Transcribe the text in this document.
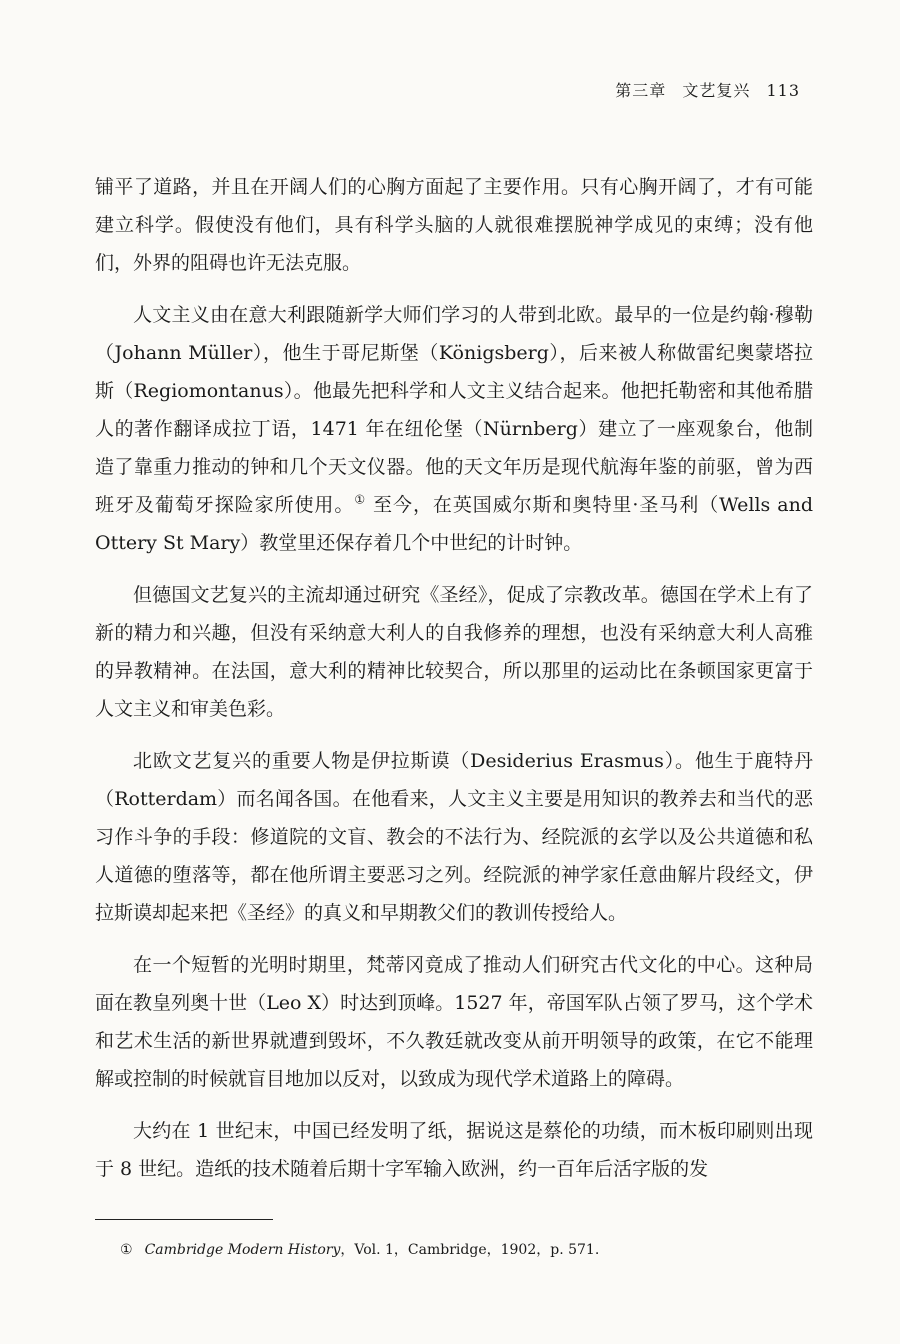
第三章 文艺复兴 113

铺平了道路，并且在开阔人们的心胸方面起了主要作用。只有心胸开阔了，才有可能建立科学。假使没有他们，具有科学头脑的人就很难摆脱神学成见的束缚；没有他们，外界的阻碍也许无法克服。

人文主义由在意大利跟随新学大师们学习的人带到北欧。最早的一位是约翰·穆勒（Johann Müller），他生于哥尼斯堡（Königsberg），后来被人称做雷纪奥蒙塔拉斯（Regiomontanus）。他最先把科学和人文主义结合起来。他把托勒密和其他希腊人的著作翻译成拉丁语，1471 年在纽伦堡（Nürnberg）建立了一座观象台，他制造了靠重力推动的钟和几个天文仪器。他的天文年历是现代航海年鉴的前驱，曾为西班牙及葡萄牙探险家所使用。① 至今，在英国威尔斯和奥特里·圣马利（Wells and Ottery St Mary）教堂里还保存着几个中世纪的计时钟。

但德国文艺复兴的主流却通过研究《圣经》，促成了宗教改革。德国在学术上有了新的精力和兴趣，但没有采纳意大利人的自我修养的理想，也没有采纳意大利人高雅的异教精神。在法国，意大利的精神比较契合，所以那里的运动比在条顿国家更富于人文主义和审美色彩。

北欧文艺复兴的重要人物是伊拉斯谟（Desiderius Erasmus）。他生于鹿特丹（Rotterdam）而名闻各国。在他看来，人文主义主要是用知识的教养去和当代的恶习作斗争的手段：修道院的文盲、教会的不法行为、经院派的玄学以及公共道德和私人道德的堕落等，都在他所谓主要恶习之列。经院派的神学家任意曲解片段经文，伊拉斯谟却起来把《圣经》的真义和早期教父们的教训传授给人。

在一个短暂的光明时期里，梵蒂冈竟成了推动人们研究古代文化的中心。这种局面在教皇列奥十世（Leo Ⅹ）时达到顶峰。1527 年，帝国军队占领了罗马，这个学术和艺术生活的新世界就遭到毁坏，不久教廷就改变从前开明领导的政策，在它不能理解或控制的时候就盲目地加以反对，以致成为现代学术道路上的障碍。

大约在 1 世纪末，中国已经发明了纸，据说这是蔡伦的功绩，而木板印刷则出现于 8 世纪。造纸的技术随着后期十字军输入欧洲，约一百年后活字版的发

① Cambridge Modern History，Vol. 1，Cambridge，1902，p. 571.
